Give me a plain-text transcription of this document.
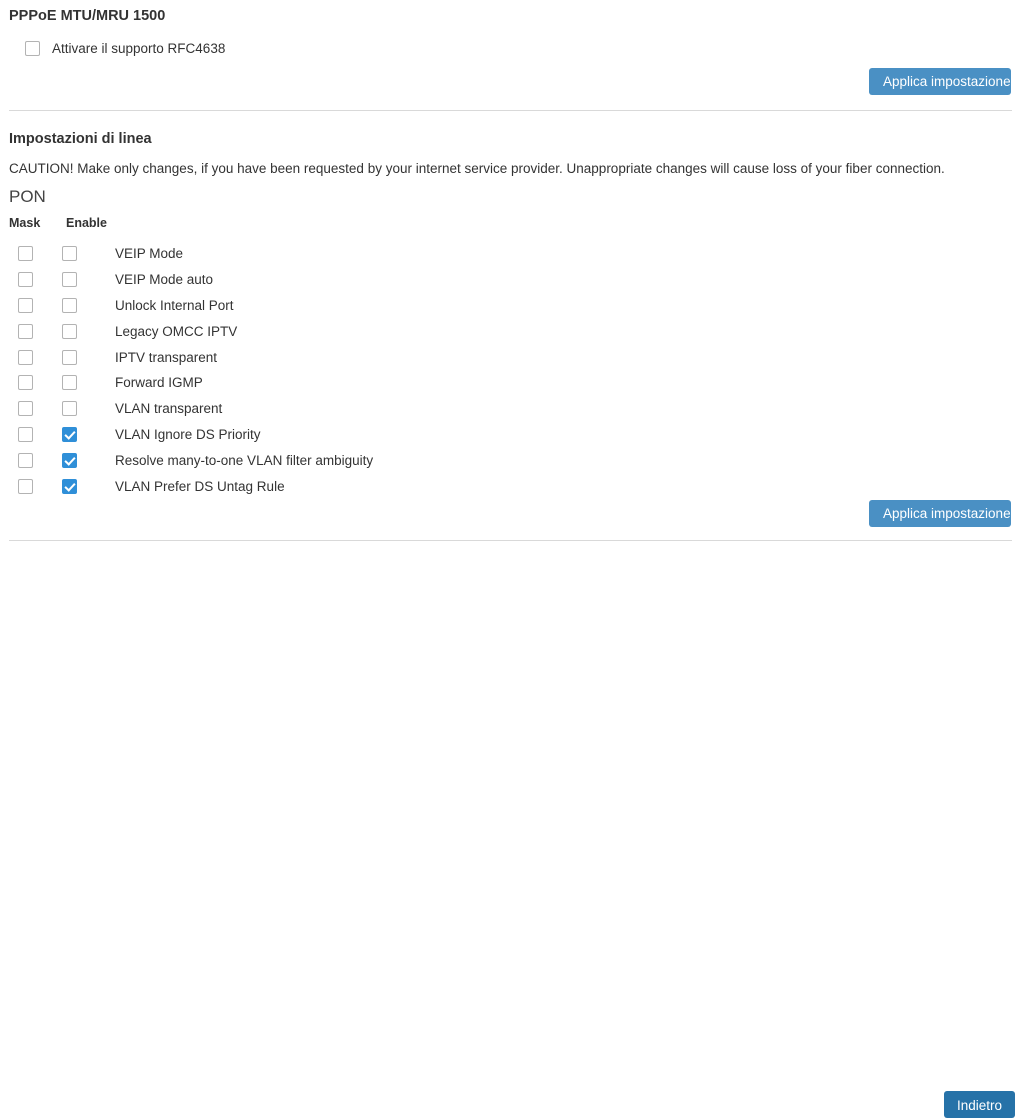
PPPoE MTU/MRU 1500
Attivare il supporto RFC4638
Applica impostazione
Impostazioni di linea
CAUTION! Make only changes, if you have been requested by your internet service provider. Unappropriate changes will cause loss of your fiber connection.
PON
Mask Enable
VEIP Mode
VEIP Mode auto
Unlock Internal Port
Legacy OMCC IPTV
IPTV transparent
Forward IGMP
VLAN transparent
VLAN Ignore DS Priority
Resolve many-to-one VLAN filter ambiguity
VLAN Prefer DS Untag Rule
Applica impostazione
Indietro
